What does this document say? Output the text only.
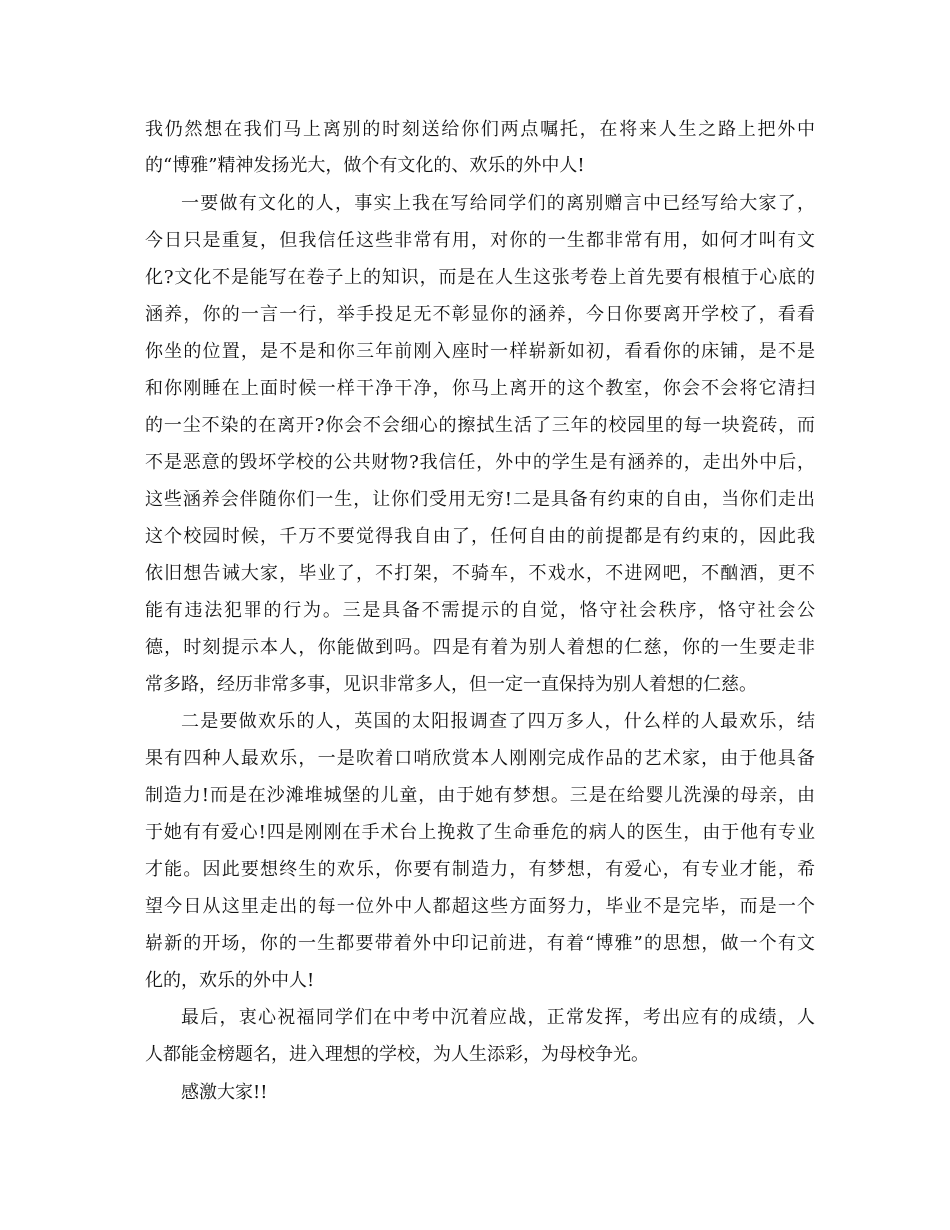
我仍然想在我们马上离别的时刻送给你们两点嘱托，在将来人生之路上把外中
的“博雅”精神发扬光大，做个有文化的、欢乐的外中人!
一要做有文化的人，事实上我在写给同学们的离别赠言中已经写给大家了，
今日只是重复，但我信任这些非常有用，对你的一生都非常有用，如何才叫有文
化?文化不是能写在卷子上的知识，而是在人生这张考卷上首先要有根植于心底的
涵养，你的一言一行，举手投足无不彰显你的涵养，今日你要离开学校了，看看
你坐的位置，是不是和你三年前刚入座时一样崭新如初，看看你的床铺，是不是
和你刚睡在上面时候一样干净干净，你马上离开的这个教室，你会不会将它清扫
的一尘不染的在离开?你会不会细心的擦拭生活了三年的校园里的每一块瓷砖，而
不是恶意的毁坏学校的公共财物?我信任，外中的学生是有涵养的，走出外中后，
这些涵养会伴随你们一生，让你们受用无穷!二是具备有约束的自由，当你们走出
这个校园时候，千万不要觉得我自由了，任何自由的前提都是有约束的，因此我
依旧想告诫大家，毕业了，不打架，不骑车，不戏水，不进网吧，不酗酒，更不
能有违法犯罪的行为。三是具备不需提示的自觉，恪守社会秩序，恪守社会公
德，时刻提示本人，你能做到吗。四是有着为别人着想的仁慈，你的一生要走非
常多路，经历非常多事，见识非常多人，但一定一直保持为别人着想的仁慈。
二是要做欢乐的人，英国的太阳报调查了四万多人，什么样的人最欢乐，结
果有四种人最欢乐，一是吹着口哨欣赏本人刚刚完成作品的艺术家，由于他具备
制造力!而是在沙滩堆城堡的儿童，由于她有梦想。三是在给婴儿洗澡的母亲，由
于她有有爱心!四是刚刚在手术台上挽救了生命垂危的病人的医生，由于他有专业
才能。因此要想终生的欢乐，你要有制造力，有梦想，有爱心，有专业才能，希
望今日从这里走出的每一位外中人都超这些方面努力，毕业不是完毕，而是一个
崭新的开场，你的一生都要带着外中印记前进，有着“博雅”的思想，做一个有文
化的，欢乐的外中人!
最后，衷心祝福同学们在中考中沉着应战，正常发挥，考出应有的成绩，人
人都能金榜题名，进入理想的学校，为人生添彩，为母校争光。
感激大家!!
